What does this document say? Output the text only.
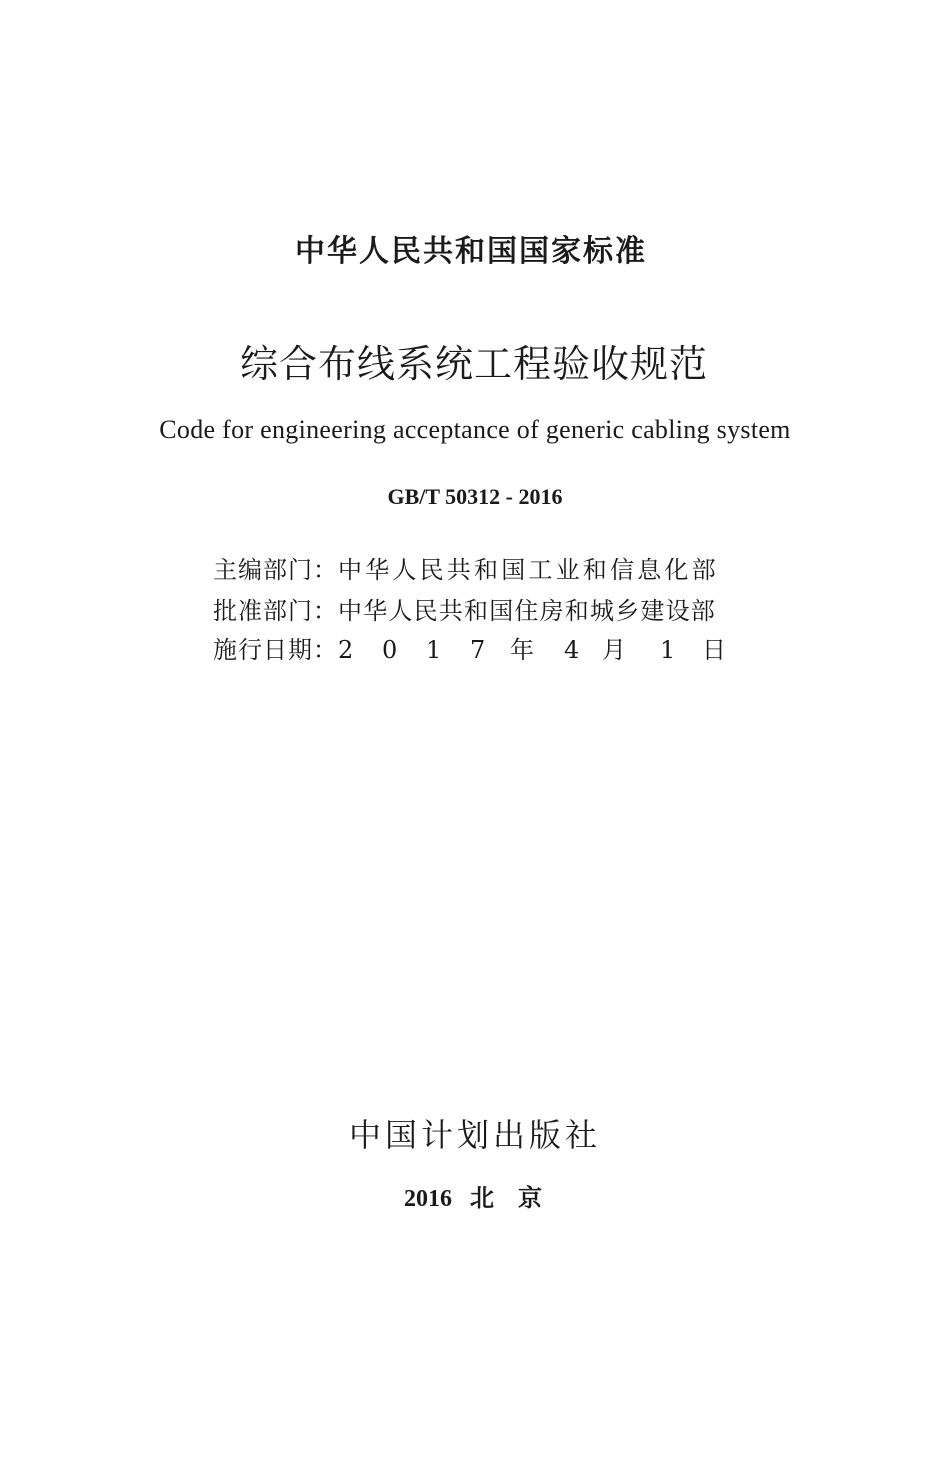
中华人民共和国国家标准
综合布线系统工程验收规范
Code for engineering acceptance of generic cabling system
GB/T 50312 - 2016
主编部门：中华人民共和国工业和信息化部
批准部门：中华人民共和国住房和城乡建设部
施行日期：2 0 1 7 年 4 月 1 日
中国计划出版社
2016 北　京
